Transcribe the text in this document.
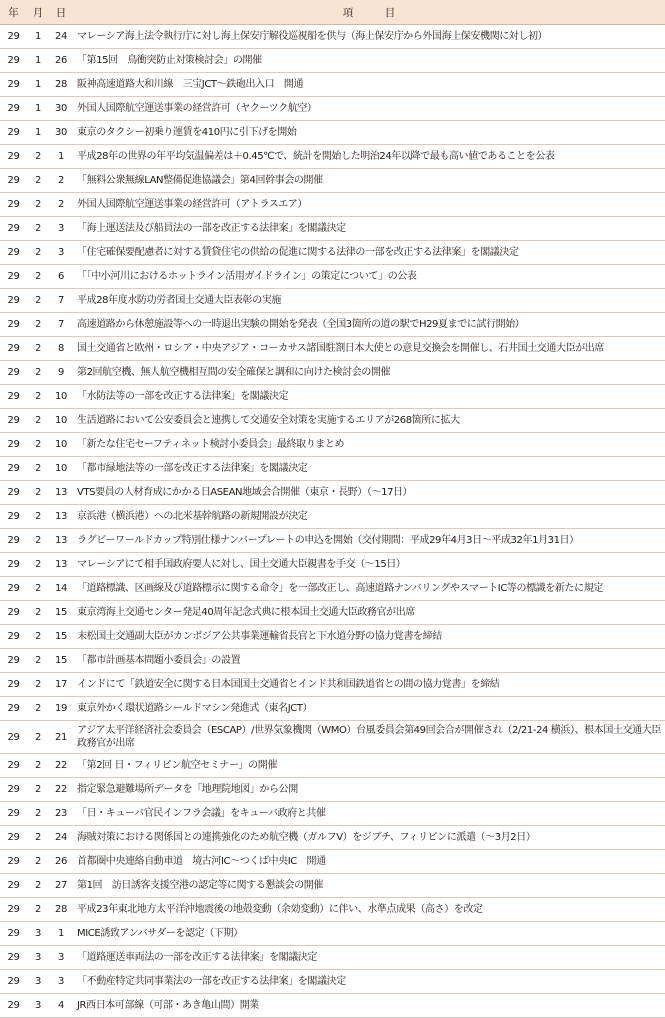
年	月	日	項　　　目
29	1	24	マレーシア海上法令執行庁に対し海上保安庁解役巡視船を供与（海上保安庁から外国海上保安機関に対し初）
29	1	26	「第15回　鳥衝突防止対策検討会」の開催
29	1	28	阪神高速道路大和川線　三宝JCT～鉄砲出入口　開通
29	1	30	外国人国際航空運送事業の経営許可（ヤクーツク航空）
29	1	30	東京のタクシー初乗り運賃を410円に引下げを開始
29	2	1	平成28年の世界の年平均気温偏差は＋0.45℃で、統計を開始した明治24年以降で最も高い値であることを公表
29	2	2	「無料公衆無線LAN整備促進協議会」第4回幹事会の開催
29	2	2	外国人国際航空運送事業の経営許可（アトラスエア）
29	2	3	「海上運送法及び船員法の一部を改正する法律案」を閣議決定
29	2	3	「住宅確保要配慮者に対する賃貸住宅の供給の促進に関する法律の一部を改正する法律案」を閣議決定
29	2	6	「「中小河川におけるホットライン活用ガイドライン」の策定について」の公表
29	2	7	平成28年度水防功労者国土交通大臣表彰の実施
29	2	7	高速道路から休憩施設等への一時退出実験の開始を発表（全国3箇所の道の駅でH29夏までに試行開始）
29	2	8	国土交通省と欧州・ロシア・中央アジア・コーカサス諸国駐劄日本大使との意見交換会を開催し、石井国土交通大臣が出席
29	2	9	第2回航空機、無人航空機相互間の安全確保と調和に向けた検討会の開催
29	2	10	「水防法等の一部を改正する法律案」を閣議決定
29	2	10	生活道路において公安委員会と連携して交通安全対策を実施するエリアが268箇所に拡大
29	2	10	「新たな住宅セーフティネット検討小委員会」最終取りまとめ
29	2	10	「都市緑地法等の一部を改正する法律案」を閣議決定
29	2	13	VTS要員の人材育成にかかる日ASEAN地域会合開催（東京・長野）（～17日）
29	2	13	京浜港（横浜港）への北米基幹航路の新規開設が決定
29	2	13	ラグビーワールドカップ特別仕様ナンバープレートの申込を開始（交付期間：平成29年4月3日～平成32年1月31日）
29	2	13	マレーシアにて相手国政府要人に対し、国土交通大臣親書を手交（～15日）
29	2	14	「道路標識、区画線及び道路標示に関する命令」を一部改正し、高速道路ナンバリングやスマートIC等の標識を新たに規定
29	2	15	東京湾海上交通センター発足40周年記念式典に根本国土交通大臣政務官が出席
29	2	15	末松国土交通副大臣がカンボジア公共事業運輸省長官と下水道分野の協力覚書を締結
29	2	15	「都市計画基本問題小委員会」の設置
29	2	17	インドにて「鉄道安全に関する日本国国土交通省とインド共和国鉄道省との間の協力覚書」を締結
29	2	19	東京外かく環状道路シールドマシン発進式（東名JCT）
29	2	21	アジア太平洋経済社会委員会（ESCAP）/世界気象機関（WMO）台風委員会第49回会合が開催され（2/21-24 横浜）、根本国土交通大臣政務官が出席
29	2	22	「第2回 日・フィリピン航空セミナー」の開催
29	2	22	指定緊急避難場所データを「地理院地図」から公開
29	2	23	「日・キューバ官民インフラ会議」をキューバ政府と共催
29	2	24	海賊対策における関係国との連携強化のため航空機（ガルフV）をジブチ、フィリピンに派遣（～3月2日）
29	2	26	首都圏中央連絡自動車道　境古河IC～つくば中央IC　開通
29	2	27	第1回　訪日誘客支援空港の認定等に関する懇談会の開催
29	2	28	平成23年東北地方太平洋沖地震後の地殻変動（余効変動）に伴い、水準点成果（高さ）を改定
29	3	1	MICE誘致アンバサダーを認定（下期）
29	3	3	「道路運送車両法の一部を改正する法律案」を閣議決定
29	3	3	「不動産特定共同事業法の一部を改正する法律案」を閣議決定
29	3	4	JR西日本可部線（可部・あき亀山間）開業
